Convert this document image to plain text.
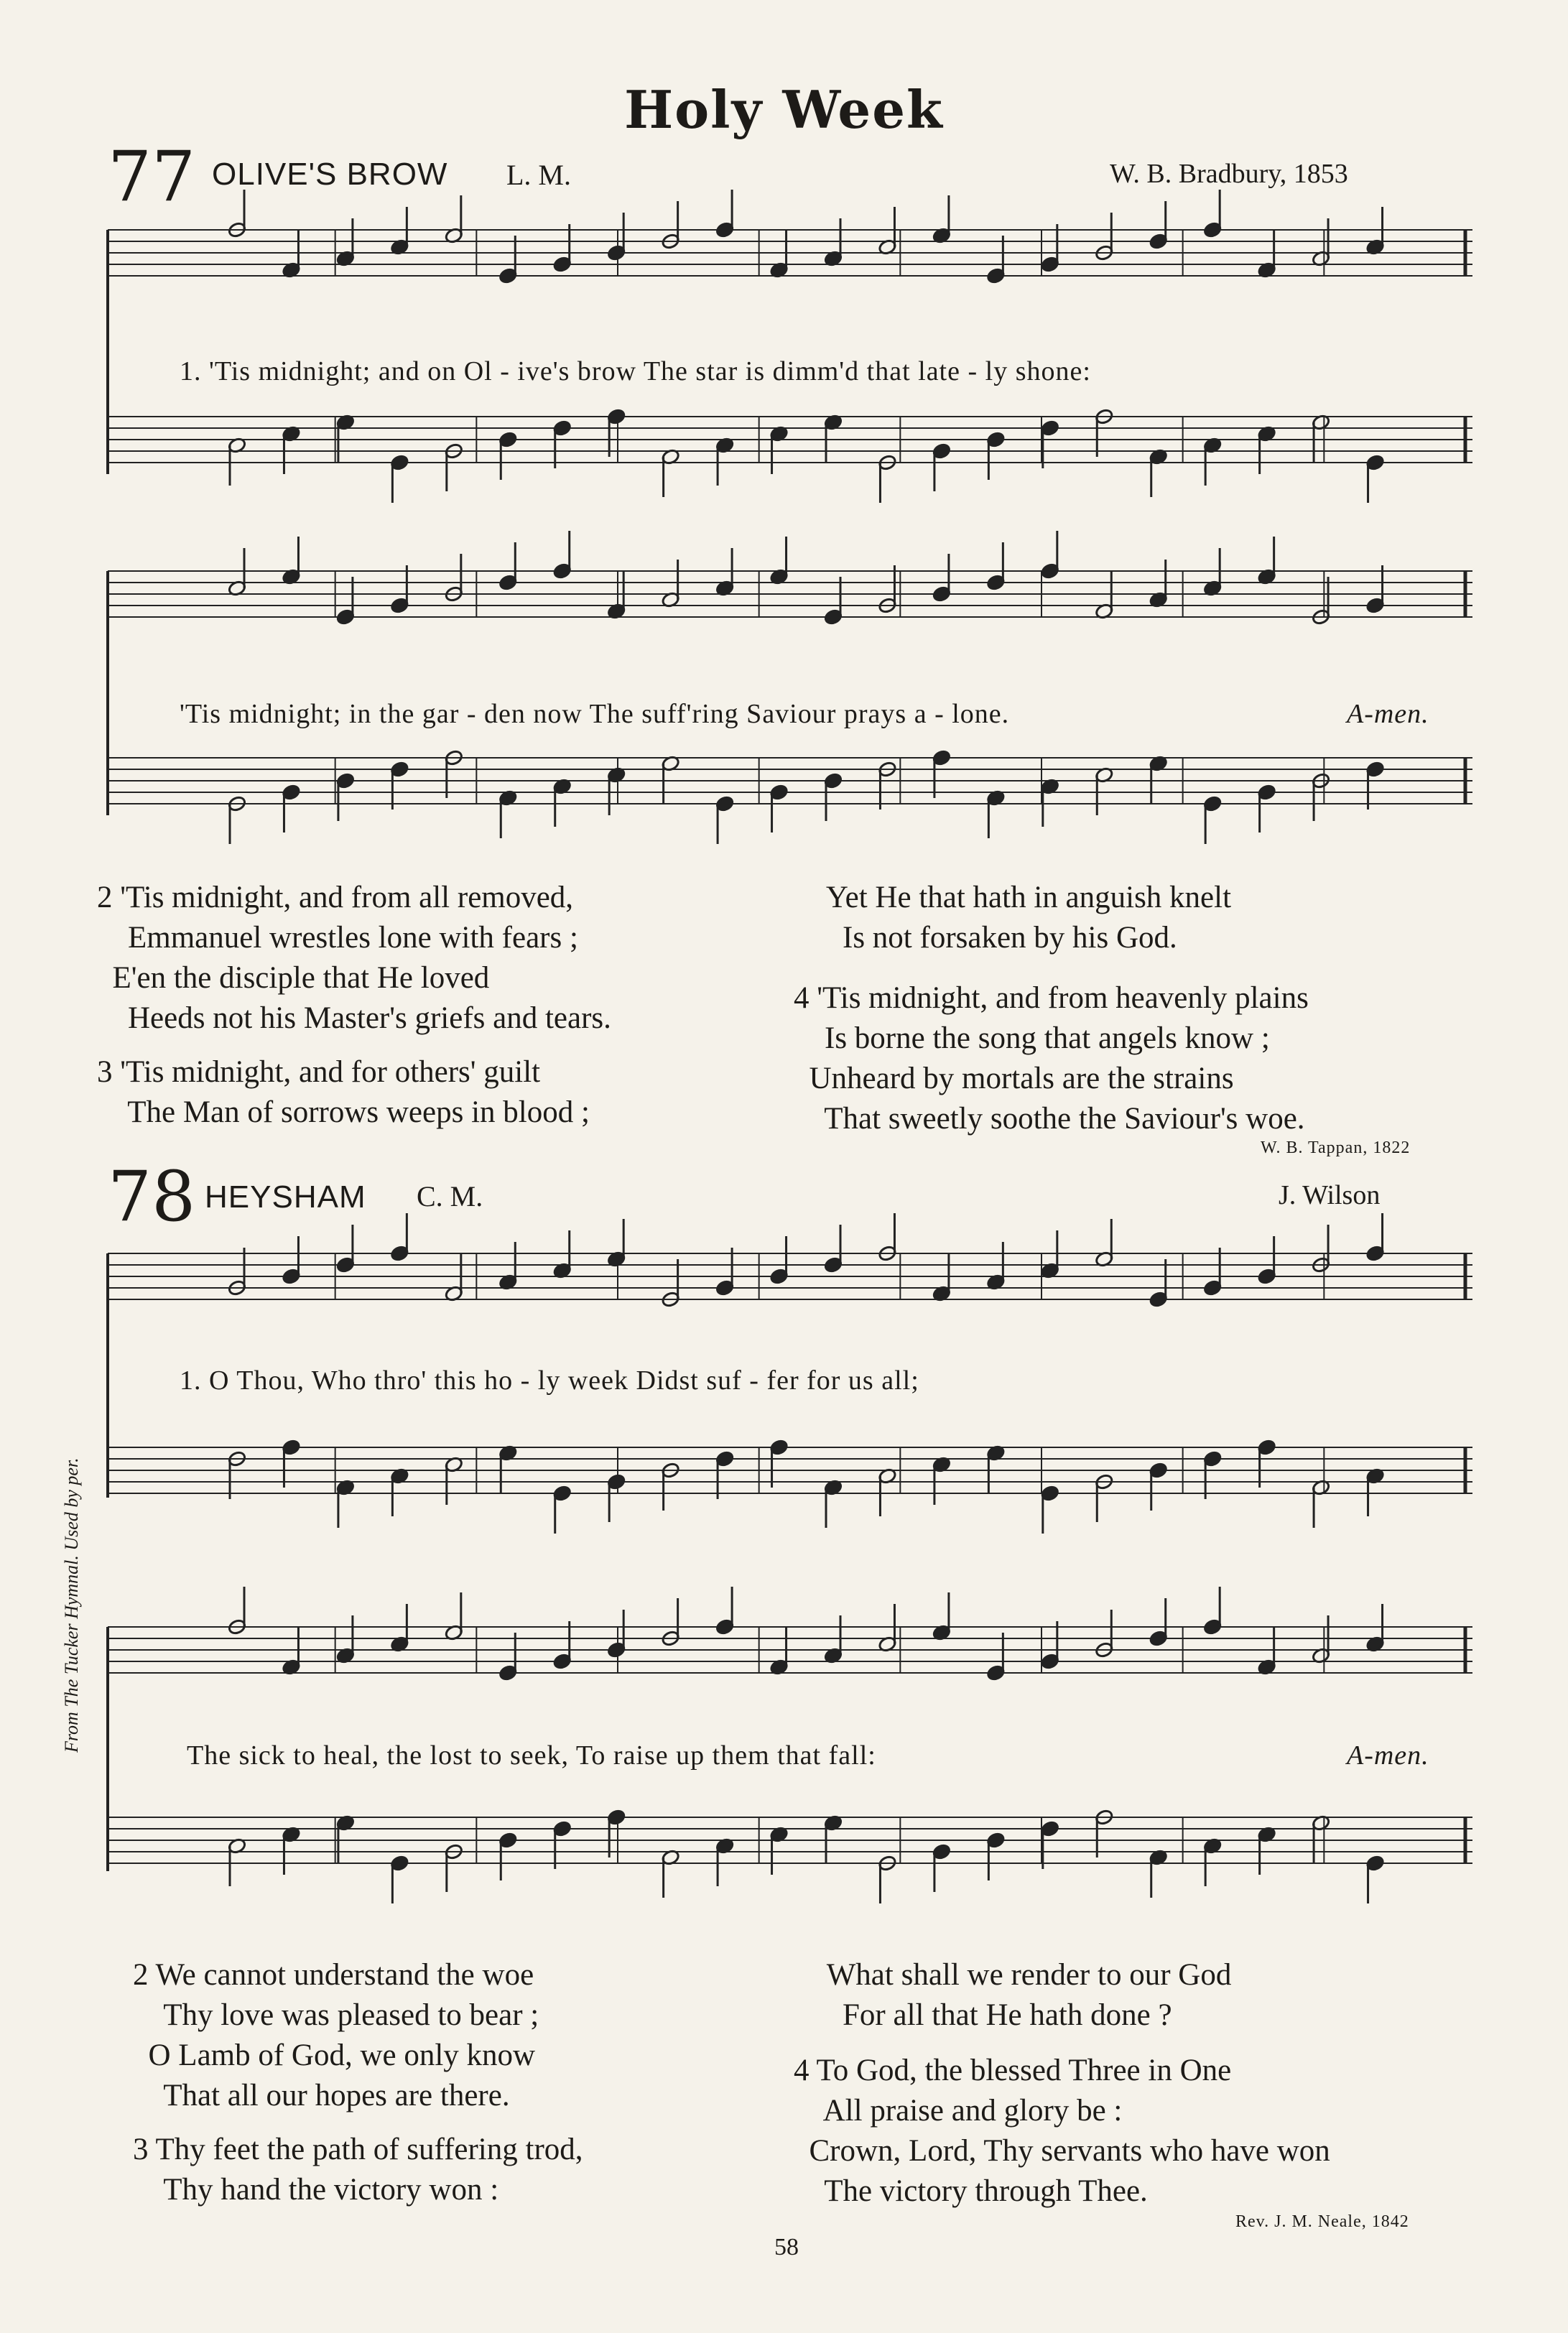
Holy Week
77 OLIVE'S BROW L. M.	W. B. Bradbury, 1853
1. 'Tis midnight; and on Ol - ive's brow The star is dimm'd that late - ly shone:
'Tis midnight; in the gar - den now The suff'ring Saviour prays a - lone.	A-men.
2 'Tis midnight, and from all removed,
Emmanuel wrestles lone with fears ;
E'en the disciple that He loved
Heeds not his Master's griefs and tears.
3 'Tis midnight, and for others' guilt
The Man of sorrows weeps in blood ;
Yet He that hath in anguish knelt
Is not forsaken by his God.
4 'Tis midnight, and from heavenly plains
Is borne the song that angels know ;
Unheard by mortals are the strains
That sweetly soothe the Saviour's woe.
W. B. Tappan, 1822
78 HEYSHAM C. M.	J. Wilson
1. O Thou, Who thro' this ho - ly week Didst suf - fer for us all;
The sick to heal, the lost to seek, To raise up them that fall:	A-men.
From The Tucker Hymnal. Used by per.
2 We cannot understand the woe
Thy love was pleased to bear ;
O Lamb of God, we only know
That all our hopes are there.
3 Thy feet the path of suffering trod,
Thy hand the victory won :
What shall we render to our God
For all that He hath done ?
4 To God, the blessed Three in One
All praise and glory be :
Crown, Lord, Thy servants who have won
The victory through Thee.
Rev. J. M. Neale, 1842
58
